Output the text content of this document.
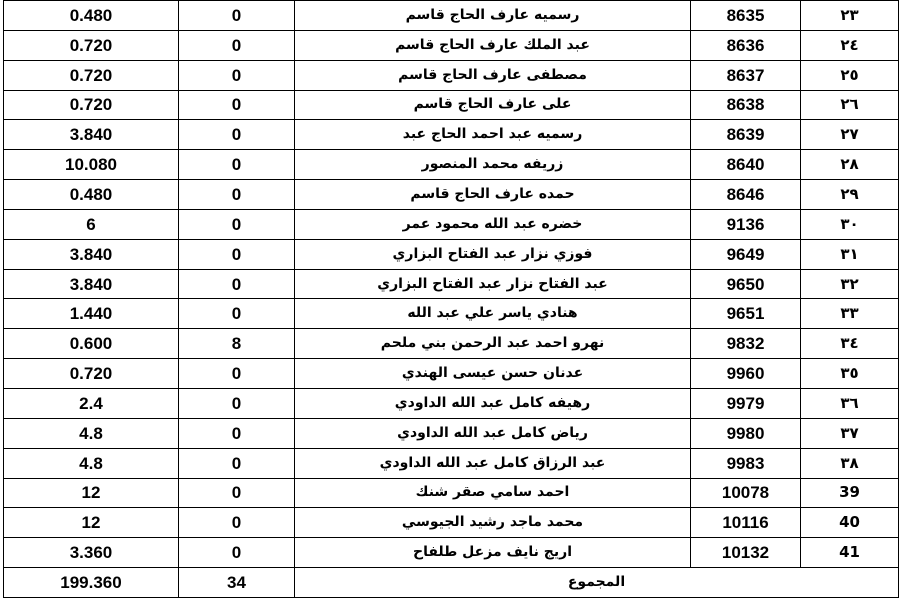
0.480	0	رسميه عارف الحاج قاسم	8635	٢٣
0.720	0	عبد الملك عارف الحاج قاسم	8636	٢٤
0.720	0	مصطفى عارف الحاج قاسم	8637	٢٥
0.720	0	على عارف الحاج قاسم	8638	٢٦
3.840	0	رسميه عبد احمد الحاج عبد	8639	٢٧
10.080	0	زريفه محمد المنصور	8640	٢٨
0.480	0	حمده عارف الحاج قاسم	8646	٢٩
6	0	خضره عبد الله محمود عمر	9136	٣٠
3.840	0	فوزي نزار عبد الفتاح البزاري	9649	٣١
3.840	0	عبد الفتاح نزار عبد الفتاح البزاري	9650	٣٢
1.440	0	هنادي ياسر علي عبد الله	9651	٣٣
0.600	8	نهرو احمد عبد الرحمن بني ملحم	9832	٣٤
0.720	0	عدنان حسن عيسى الهندي	9960	٣٥
2.4	0	رهيفه كامل عبد الله الداودي	9979	٣٦
4.8	0	رياض كامل عبد الله الداودي	9980	٣٧
4.8	0	عبد الرزاق كامل عبد الله الداودي	9983	٣٨
12	0	احمد سامي صقر شنك	10078	39
12	0	محمد ماجد رشيد الجيوسي	10116	40
3.360	0	اريج نايف مزعل طلفاح	10132	41
199.360	34	المجموع		
